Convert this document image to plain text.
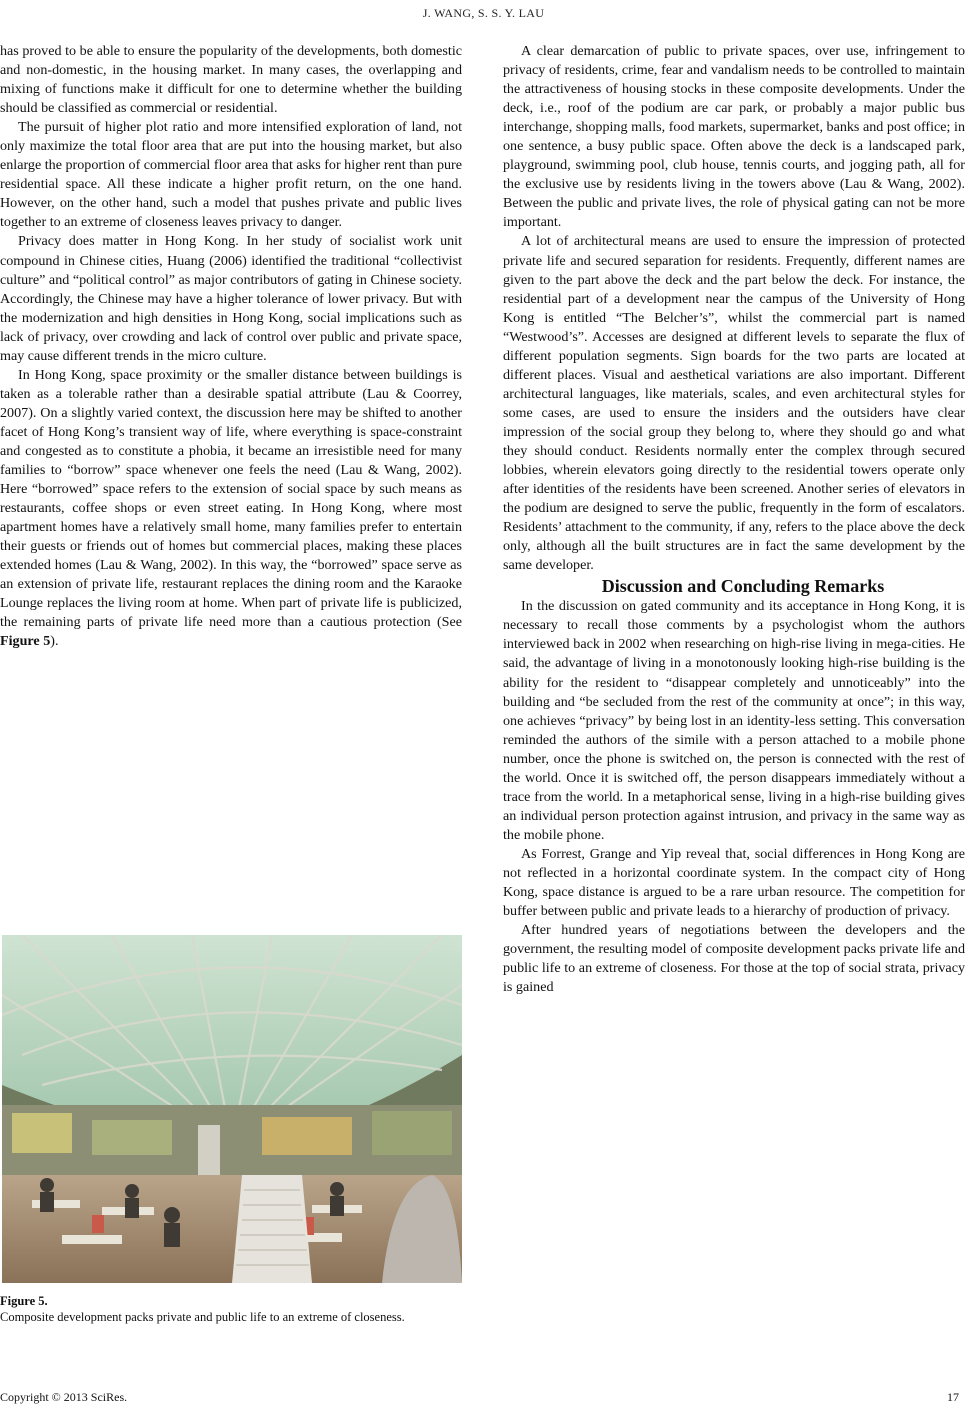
J. WANG, S. S. Y. LAU

has proved to be able to ensure the popularity of the developments, both domestic and non-domestic, in the housing market. In many cases, the overlapping and mixing of functions make it difficult for one to determine whether the building should be classified as commercial or residential.

The pursuit of higher plot ratio and more intensified exploration of land, not only maximize the total floor area that are put into the housing market, but also enlarge the proportion of commercial floor area that asks for higher rent than pure residential space. All these indicate a higher profit return, on the one hand. However, on the other hand, such a model that pushes private and public lives together to an extreme of closeness leaves privacy to danger.

Privacy does matter in Hong Kong. In her study of socialist work unit compound in Chinese cities, Huang (2006) identified the traditional “collectivist culture” and “political control” as major contributors of gating in Chinese society. Accordingly, the Chinese may have a higher tolerance of lower privacy. But with the modernization and high densities in Hong Kong, social implications such as lack of privacy, over crowding and lack of control over public and private space, may cause different trends in the micro culture.

In Hong Kong, space proximity or the smaller distance between buildings is taken as a tolerable rather than a desirable spatial attribute (Lau & Coorrey, 2007). On a slightly varied context, the discussion here may be shifted to another facet of Hong Kong’s transient way of life, where everything is space-constraint and congested as to constitute a phobia, it became an irresistible need for many families to “borrow” space whenever one feels the need (Lau & Wang, 2002). Here “borrowed” space refers to the extension of social space by such means as restaurants, coffee shops or even street eating. In Hong Kong, where most apartment homes have a relatively small home, many families prefer to entertain their guests or friends out of homes but commercial places, making these places extended homes (Lau & Wang, 2002). In this way, the “borrowed” space serve as an extension of private life, restaurant replaces the dining room and the Karaoke Lounge replaces the living room at home. When part of private life is publicized, the remaining parts of private life need more than a cautious protection (See Figure 5).

Figure 5.
Composite development packs private and public life to an extreme of closeness.

A clear demarcation of public to private spaces, over use, infringement to privacy of residents, crime, fear and vandalism needs to be controlled to maintain the attractiveness of housing stocks in these composite developments. Under the deck, i.e., roof of the podium are car park, or probably a major public bus interchange, shopping malls, food markets, supermarket, banks and post office; in one sentence, a busy public space. Often above the deck is a landscaped park, playground, swimming pool, club house, tennis courts, and jogging path, all for the exclusive use by residents living in the towers above (Lau & Wang, 2002). Between the public and private lives, the role of physical gating can not be more important.

A lot of architectural means are used to ensure the impression of protected private life and secured separation for residents. Frequently, different names are given to the part above the deck and the part below the deck. For instance, the residential part of a development near the campus of the University of Hong Kong is entitled “The Belcher’s”, whilst the commercial part is named “Westwood’s”. Accesses are designed at different levels to separate the flux of different population segments. Sign boards for the two parts are located at different places. Visual and aesthetical variations are also important. Different architectural languages, like materials, scales, and even architectural styles for some cases, are used to ensure the insiders and the outsiders have clear impression of the social group they belong to, where they should go and what they should conduct. Residents normally enter the complex through secured lobbies, wherein elevators going directly to the residential towers operate only after identities of the residents have been screened. Another series of elevators in the podium are designed to serve the public, frequently in the form of escalators. Residents’ attachment to the community, if any, refers to the place above the deck only, although all the built structures are in fact the same development by the same developer.

Discussion and Concluding Remarks

In the discussion on gated community and its acceptance in Hong Kong, it is necessary to recall those comments by a psychologist whom the authors interviewed back in 2002 when researching on high-rise living in mega-cities. He said, the advantage of living in a monotonously looking high-rise building is the ability for the resident to “disappear completely and unnoticeably” into the building and “be secluded from the rest of the community at once”; in this way, one achieves “privacy” by being lost in an identity-less setting. This conversation reminded the authors of the simile with a person attached to a mobile phone number, once the phone is switched on, the person is connected with the rest of the world. Once it is switched off, the person disappears immediately without a trace from the world. In a metaphorical sense, living in a high-rise building gives an individual person protection against intrusion, and privacy in the same way as the mobile phone.

As Forrest, Grange and Yip reveal that, social differences in Hong Kong are not reflected in a horizontal coordinate system. In the compact city of Hong Kong, space distance is argued to be a rare urban resource. The competition for buffer between public and private leads to a hierarchy of production of privacy.

After hundred years of negotiations between the developers and the government, the resulting model of composite development packs private life and public life to an extreme of closeness. For those at the top of social strata, privacy is gained

Copyright © 2013 SciRes.	17
